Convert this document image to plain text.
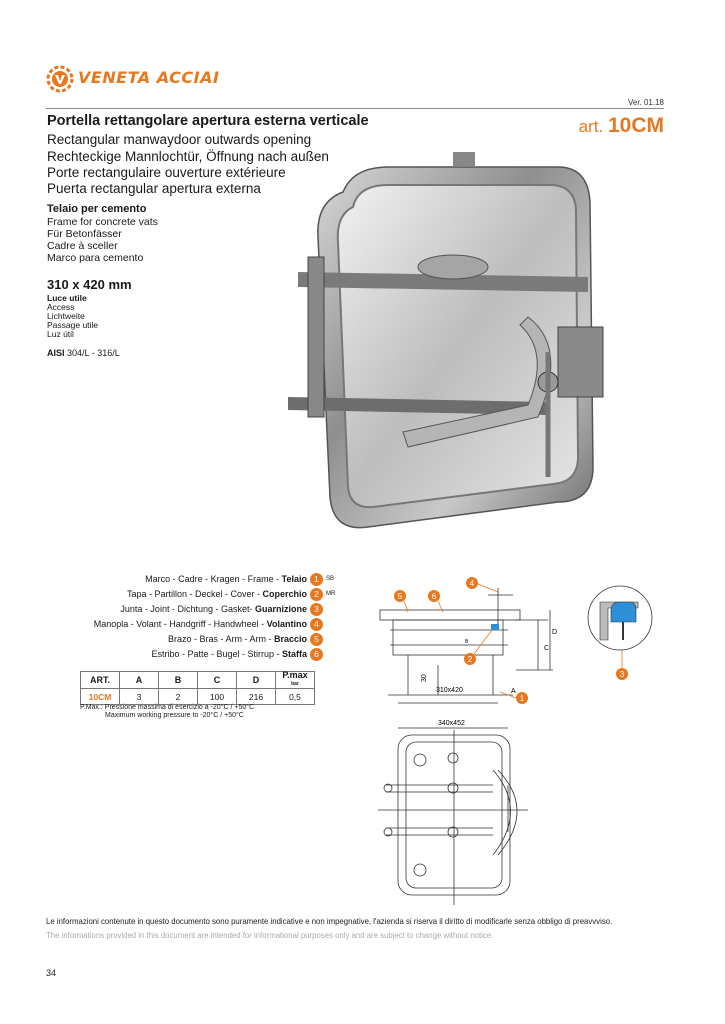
VENETA ACCIAI
Ver. 01.18
art. 10CM
Portella rettangolare apertura esterna verticale
Rectangular manwaydoor outwards opening
Rechteckige Mannlochtür, Öffnung nach außen
Porte rectangulaire ouverture extérieure
Puerta rectangular apertura externa
Telaio per cemento
Frame for concrete vats
Für Betonfässer
Cadre à sceller
Marco para cemento
310 x 420 mm
Luce utile
Access
Lichtweite
Passage utile
Luz útil
AISI 304/L - 316/L
Marco - Cadre - Kragen - Frame - Telaio 1	SB
Tapa - Partillon - Deckel - Cover - Coperchio 2	MR
Junta - Joint - Dichtung - Gasket- Guarnizione 3
Manopla - Volant - Handgriff - Handwheel - Volantino 4
Brazo - Bras - Arm - Arm - Braccio 5
Estribo - Patte - Bugel - Stirrup - Staffa 6
ART.	A	B	C	D	P.max
bar
10CM	3	2	100	216	0,5
P.Max.: Pressione massima di esercizio a -20°C / +50°C
Maximum working pressure to -20°C / +50°C
C
D
B
A
30
310x420
5	6
4
2
1
3
340x452
Le informazioni contenute in questo documento sono puramente indicative e non impegnative, l'azienda si riserva il diritto di modificarle senza obbligo di preavvviso.
The informations provided in this document are intended for informational purposes only and are subject to change without notice.
34
